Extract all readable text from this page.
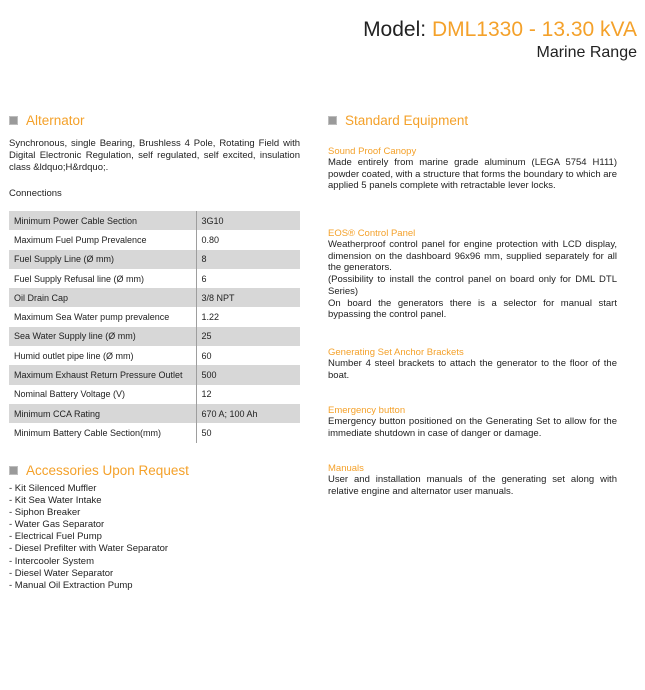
Model: DML1330 - 13.30 kVA
Marine Range
Alternator
Synchronous, single Bearing, Brushless 4 Pole, Rotating Field with Digital Electronic Regulation, self regulated, self excited, insulation class &ldquo;H&rdquo;.
Connections
Minimum Power Cable Section	3G10
Maximum Fuel Pump Prevalence	0.80
Fuel Supply Line (Ø mm)	8
Fuel Supply Refusal line (Ø mm)	6
Oil Drain Cap	3/8 NPT
Maximum Sea Water pump prevalence	1.22
Sea Water Supply line (Ø mm)	25
Humid outlet pipe line (Ø mm)	60
Maximum Exhaust Return Pressure Outlet	500
Nominal Battery Voltage (V)	12
Minimum CCA Rating	670 A; 100 Ah
Minimum Battery Cable Section(mm)	50
Accessories Upon Request
- Kit Silenced Muffler
- Kit Sea Water Intake
- Siphon Breaker
- Water Gas Separator
- Electrical Fuel Pump
- Diesel Prefilter with Water Separator
- Intercooler System
- Diesel Water Separator
- Manual Oil Extraction Pump
Standard Equipment
Sound Proof Canopy
Made entirely from marine grade aluminum (LEGA 5754 H111) powder coated, with a structure that forms the boundary to which are applied 5 panels complete with retractable lever locks.
EOS® Control Panel
Weatherproof control panel for engine protection with LCD display, dimension on the dashboard 96x96 mm, supplied separately for all the generators.
(Possibility to install the control panel on board only for DML DTL Series)
On board the generators there is a selector for manual start bypassing the control panel.
Generating Set Anchor Brackets
Number 4 steel brackets to attach the generator to the floor of the boat.
Emergency button
Emergency button positioned on the Generating Set to allow for the immediate shutdown in case of danger or damage.
Manuals
User and installation manuals of the generating set along with relative engine and alternator user manuals.
